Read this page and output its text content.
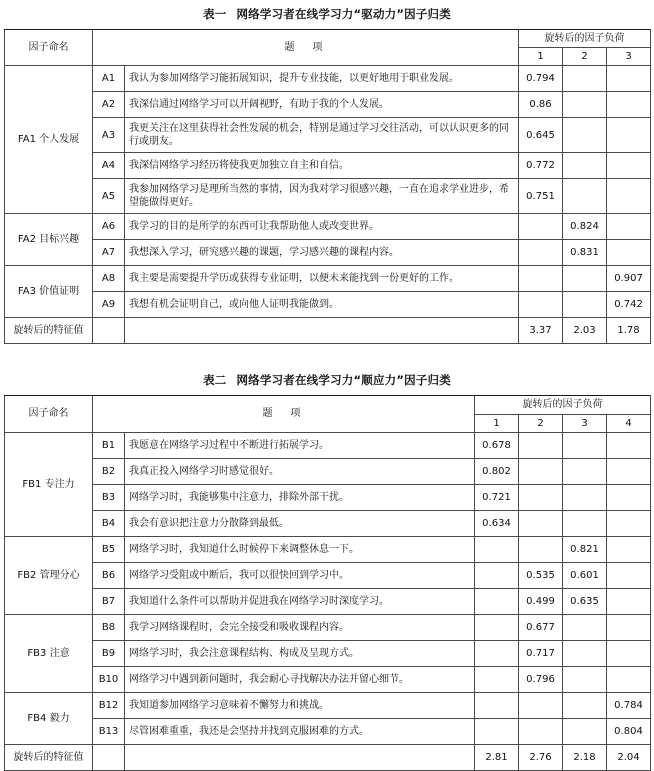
表一 网络学习者在线学习力“驱动力”因子归类
因子命名	题　项		旋转后的因子负荷		
			1	2	3
FA1 个人发展	A1	我认为参加网络学习能拓展知识，提升专业技能，以更好地用于职业发展。	0.794		
	A2	我深信通过网络学习可以开阔视野，有助于我的个人发展。	0.86		
	A3	我更关注在这里获得社会性发展的机会，特别是通过学习交往活动，可以认识更多的同行或朋友。	0.645		
	A4	我深信网络学习经历将使我更加独立自主和自信。	0.772		
	A5	我参加网络学习是理所当然的事情，因为我对学习很感兴趣，一直在追求学业进步，希望能做得更好。	0.751		
FA2 目标兴趣	A6	我学习的目的是所学的东西可让我帮助他人或改变世界。		0.824	
	A7	我想深入学习，研究感兴趣的课题，学习感兴趣的课程内容。		0.831	
FA3 价值证明	A8	我主要是需要提升学历或获得专业证明，以便未来能找到一份更好的工作。			0.907
	A9	我想有机会证明自己，或向他人证明我能做到。			0.742
旋转后的特征值			3.37	2.03	1.78
表二 网络学习者在线学习力“顺应力”因子归类
因子命名	题　项		旋转后的因子负荷			
			1	2	3	4
FB1 专注力	B1	我愿意在网络学习过程中不断进行拓展学习。	0.678			
	B2	我真正投入网络学习时感觉很好。	0.802			
	B3	网络学习时，我能够集中注意力，排除外部干扰。	0.721			
	B4	我会有意识把注意力分散降到最低。	0.634			
FB2 管理分心	B5	网络学习时，我知道什么时候停下来调整休息一下。			0.821	
	B6	网络学习受阻或中断后，我可以很快回到学习中。		0.535	0.601	
	B7	我知道什么条件可以帮助并促进我在网络学习时深度学习。		0.499	0.635	
FB3 注意	B8	我学习网络课程时，会完全接受和吸收课程内容。		0.677		
	B9	网络学习时，我会注意课程结构、构成及呈现方式。		0.717		
	B10	网络学习中遇到新问题时，我会耐心寻找解决办法并留心细节。		0.796		
FB4 毅力	B12	我知道参加网络学习意味着不懈努力和挑战。				0.784
	B13	尽管困难重重，我还是会坚持并找到克服困难的方式。				0.804
旋转后的特征值			2.81	2.76	2.18	2.04
